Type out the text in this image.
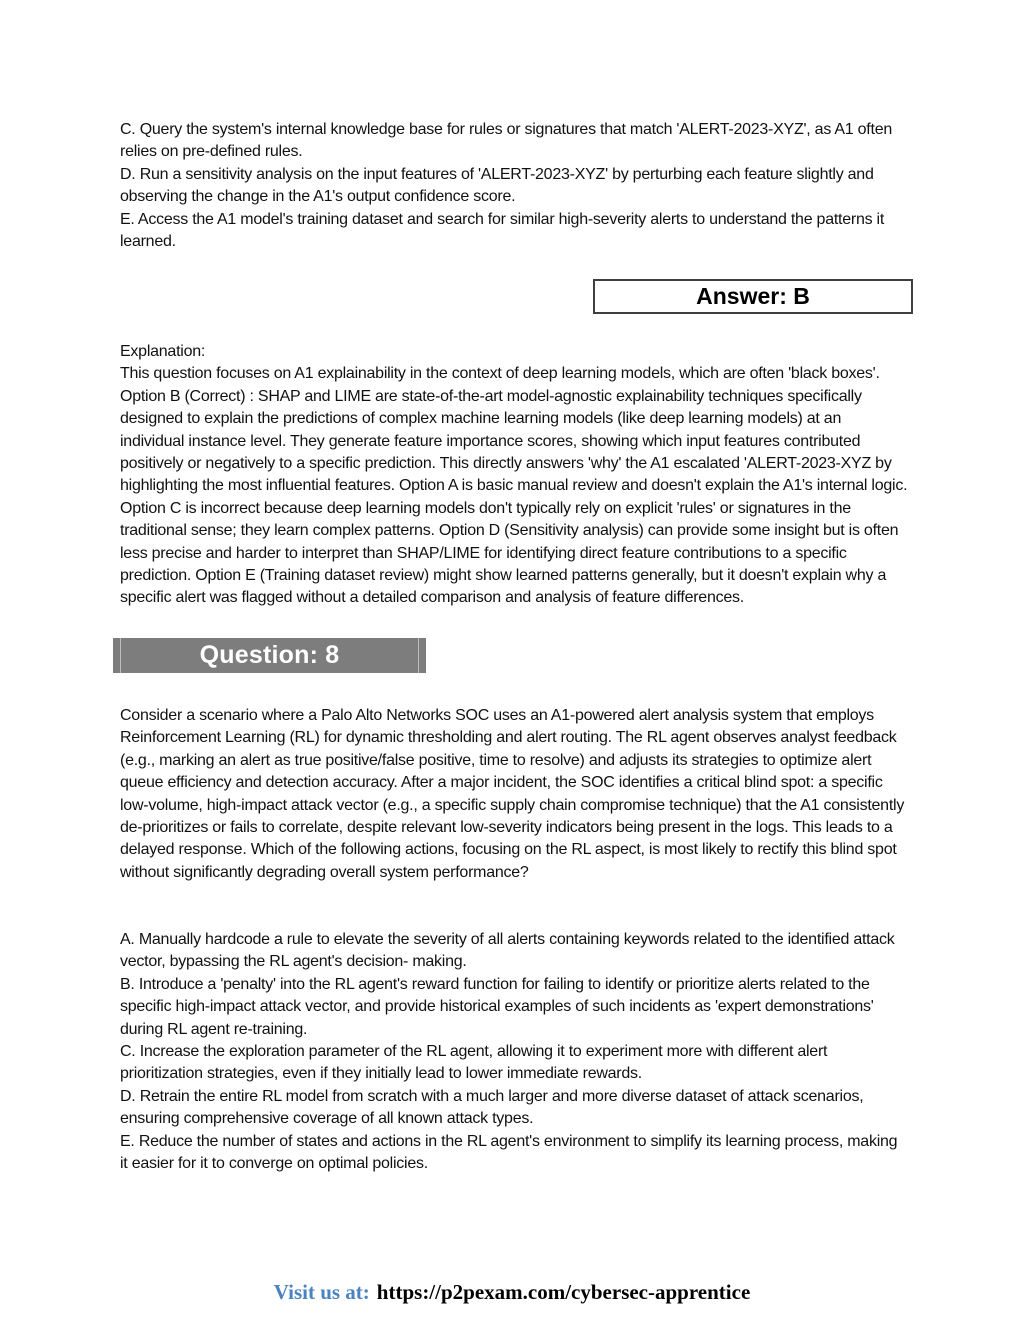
C. Query the system's internal knowledge base for rules or signatures that match 'ALERT-2023-XYZ', as A1 often relies on pre-defined rules.

D. Run a sensitivity analysis on the input features of 'ALERT-2023-XYZ' by perturbing each feature slightly and observing the change in the A1's output confidence score.

E. Access the A1 model's training dataset and search for similar high-severity alerts to understand the patterns it learned.

Answer: B

Explanation:

This question focuses on A1 explainability in the context of deep learning models, which are often 'black boxes'. Option B (Correct) : SHAP and LIME are state-of-the-art model-agnostic explainability techniques specifically designed to explain the predictions of complex machine learning models (like deep learning models) at an individual instance level. They generate feature importance scores, showing which input features contributed positively or negatively to a specific prediction. This directly answers 'why' the A1 escalated 'ALERT-2023-XYZ by highlighting the most influential features. Option A is basic manual review and doesn't explain the A1's internal logic. Option C is incorrect because deep learning models don't typically rely on explicit 'rules' or signatures in the traditional sense; they learn complex patterns. Option D (Sensitivity analysis) can provide some insight but is often less precise and harder to interpret than SHAP/LIME for identifying direct feature contributions to a specific prediction. Option E (Training dataset review) might show learned patterns generally, but it doesn't explain why a specific alert was flagged without a detailed comparison and analysis of feature differences.

Question: 8

Consider a scenario where a Palo Alto Networks SOC uses an A1-powered alert analysis system that employs Reinforcement Learning (RL) for dynamic thresholding and alert routing. The RL agent observes analyst feedback (e.g., marking an alert as true positive/false positive, time to resolve) and adjusts its strategies to optimize alert queue efficiency and detection accuracy. After a major incident, the SOC identifies a critical blind spot: a specific low-volume, high-impact attack vector (e.g., a specific supply chain compromise technique) that the A1 consistently de-prioritizes or fails to correlate, despite relevant low-severity indicators being present in the logs. This leads to a delayed response. Which of the following actions, focusing on the RL aspect, is most likely to rectify this blind spot without significantly degrading overall system performance?

A. Manually hardcode a rule to elevate the severity of all alerts containing keywords related to the identified attack vector, bypassing the RL agent's decision- making.

B. Introduce a 'penalty' into the RL agent's reward function for failing to identify or prioritize alerts related to the specific high-impact attack vector, and provide historical examples of such incidents as 'expert demonstrations' during RL agent re-training.

C. Increase the exploration parameter of the RL agent, allowing it to experiment more with different alert prioritization strategies, even if they initially lead to lower immediate rewards.

D. Retrain the entire RL model from scratch with a much larger and more diverse dataset of attack scenarios, ensuring comprehensive coverage of all known attack types.

E. Reduce the number of states and actions in the RL agent's environment to simplify its learning process, making it easier for it to converge on optimal policies.

Visit us at: https://p2pexam.com/cybersec-apprentice
